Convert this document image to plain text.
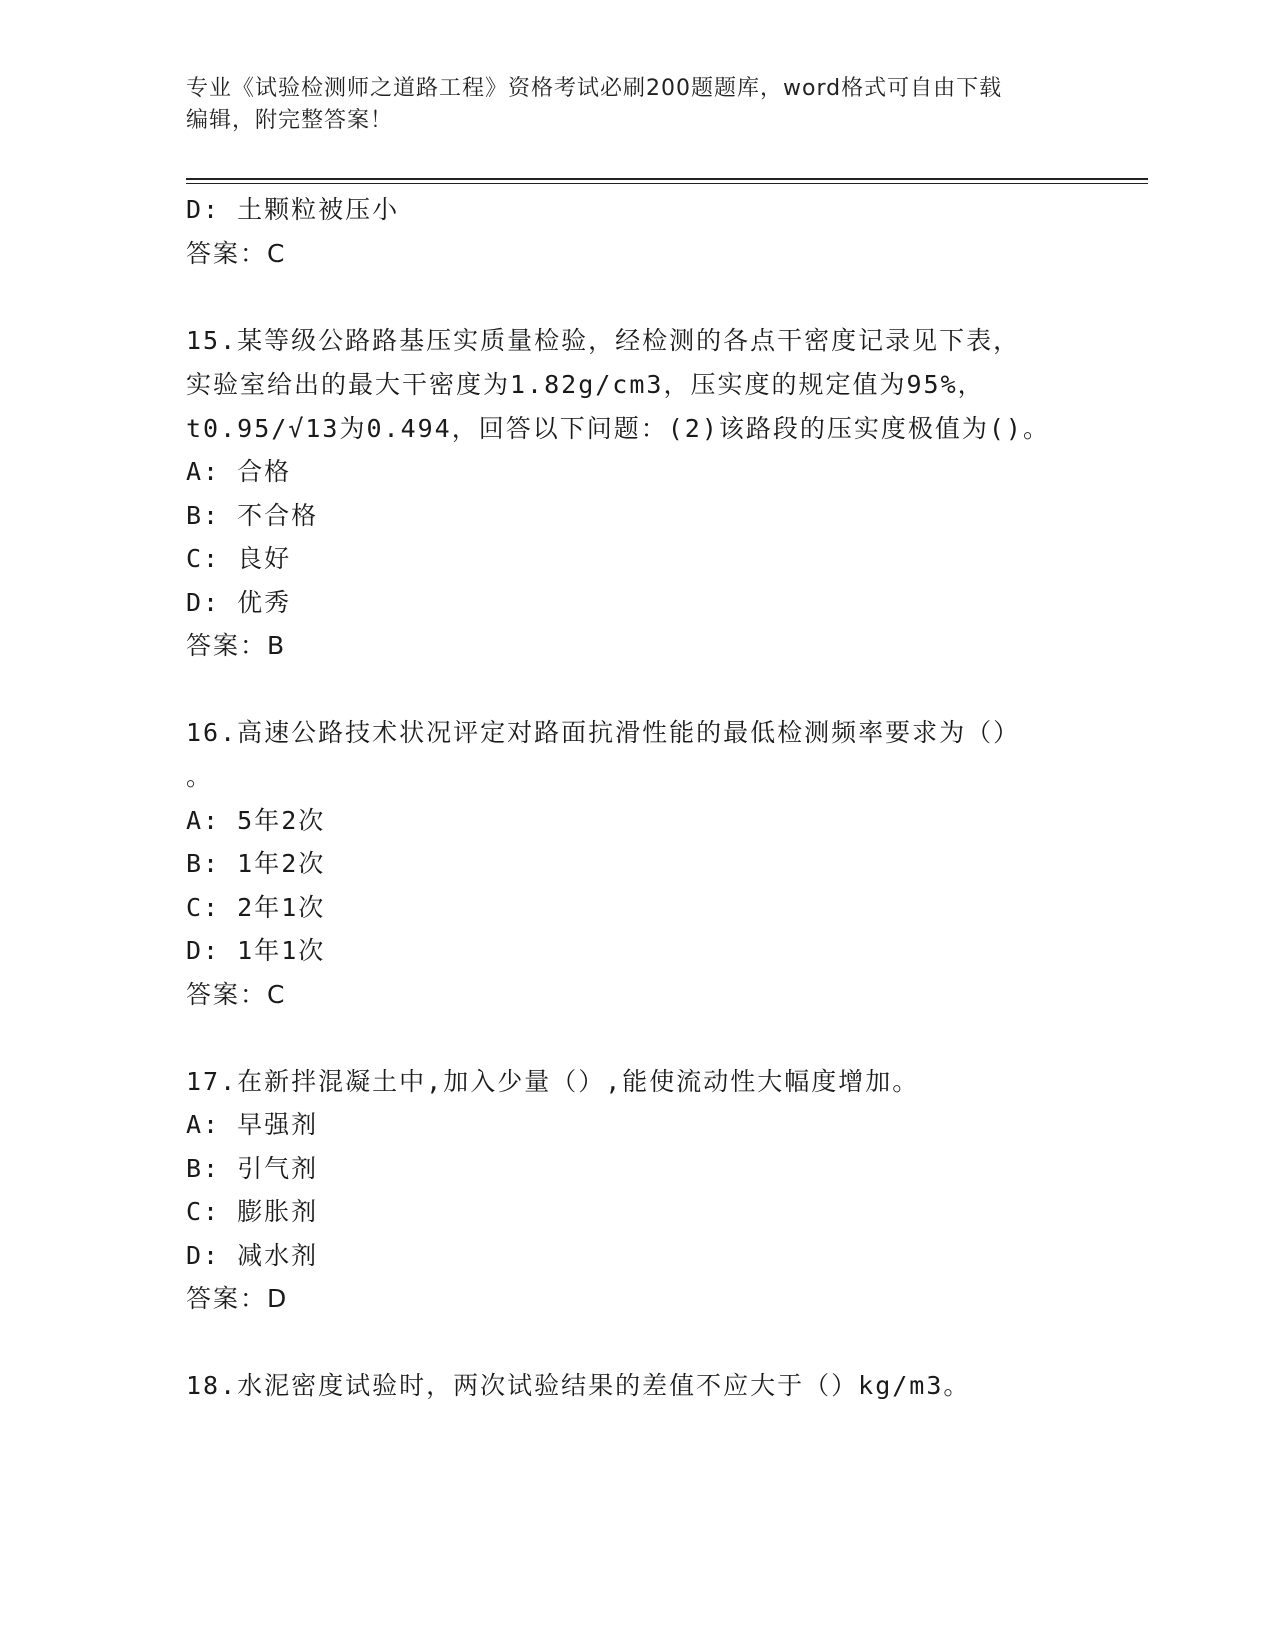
专业《试验检测师之道路工程》资格考试必刷200题题库，word格式可自由下载
编辑，附完整答案！
D: 土颗粒被压小
答案：C
15.某等级公路路基压实质量检验，经检测的各点干密度记录见下表，
实验室给出的最大干密度为1.82g/cm3，压实度的规定值为95%，
t0.95/√13为0.494，回答以下问题：(2)该路段的压实度极值为()。
A: 合格
B: 不合格
C: 良好
D: 优秀
答案：B
16.高速公路技术状况评定对路面抗滑性能的最低检测频率要求为（）
。
A: 5年2次
B: 1年2次
C: 2年1次
D: 1年1次
答案：C
17.在新拌混凝土中,加入少量（）,能使流动性大幅度增加。
A: 早强剂
B: 引气剂
C: 膨胀剂
D: 减水剂
答案：D
18.水泥密度试验时，两次试验结果的差值不应大于（）kg/m3。
